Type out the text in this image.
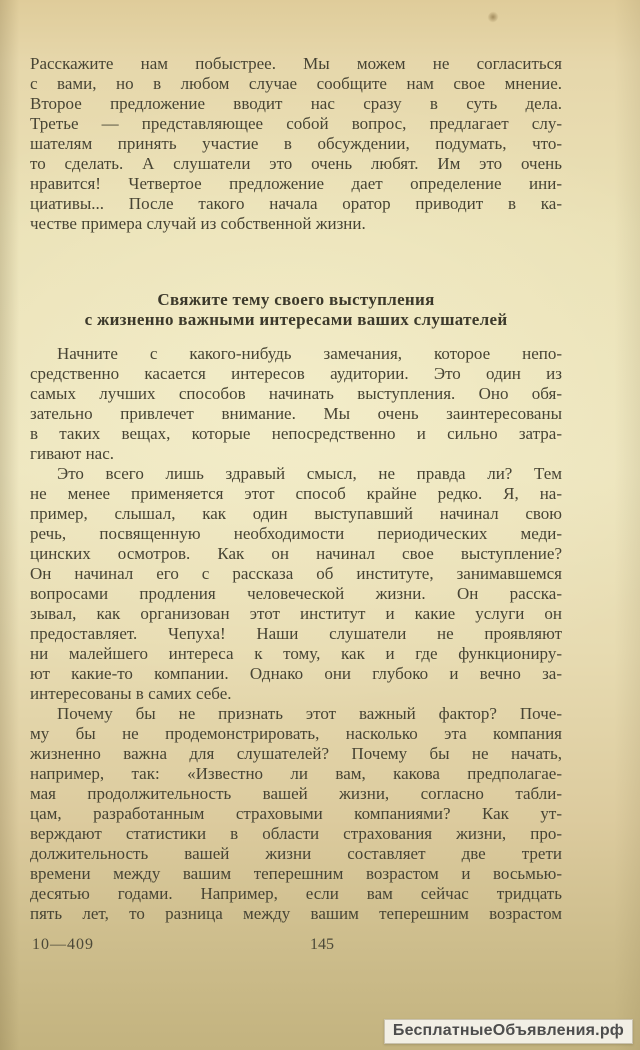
Расскажите нам побыстрее. Мы можем не согласиться
с вами, но в любом случае сообщите нам свое мнение.
Второе предложение вводит нас сразу в суть дела.
Третье — представляющее собой вопрос, предлагает слу-
шателям принять участие в обсуждении, подумать, что-
то сделать. А слушатели это очень любят. Им это очень
нравится! Четвертое предложение дает определение ини-
циативы... После такого начала оратор приводит в ка-
честве примера случай из собственной жизни.
Свяжите тему своего выступления
с жизненно важными интересами ваших слушателей
Начните с какого-нибудь замечания, которое непо-
средственно касается интересов аудитории. Это один из
самых лучших способов начинать выступления. Оно обя-
зательно привлечет внимание. Мы очень заинтересованы
в таких вещах, которые непосредственно и сильно затра-
гивают нас.
Это всего лишь здравый смысл, не правда ли? Тем
не менее применяется этот способ крайне редко. Я, на-
пример, слышал, как один выступавший начинал свою
речь, посвященную необходимости периодических меди-
цинских осмотров. Как он начинал свое выступление?
Он начинал его с рассказа об институте, занимавшемся
вопросами продления человеческой жизни. Он расска-
зывал, как организован этот институт и какие услуги он
предоставляет. Чепуха! Наши слушатели не проявляют
ни малейшего интереса к тому, как и где функциониру-
ют какие-то компании. Однако они глубоко и вечно за-
интересованы в самих себе.
Почему бы не признать этот важный фактор? Поче-
му бы не продемонстрировать, насколько эта компания
жизненно важна для слушателей? Почему бы не начать,
например, так: «Известно ли вам, какова предполагае-
мая продолжительность вашей жизни, согласно табли-
цам, разработанным страховыми компаниями? Как ут-
верждают статистики в области страхования жизни, про-
должительность вашей жизни составляет две трети
времени между вашим теперешним возрастом и восьмью-
десятью годами. Например, если вам сейчас тридцать
пять лет, то разница между вашим теперешним возрастом
10—409	145
БесплатныеОбъявления.рф
